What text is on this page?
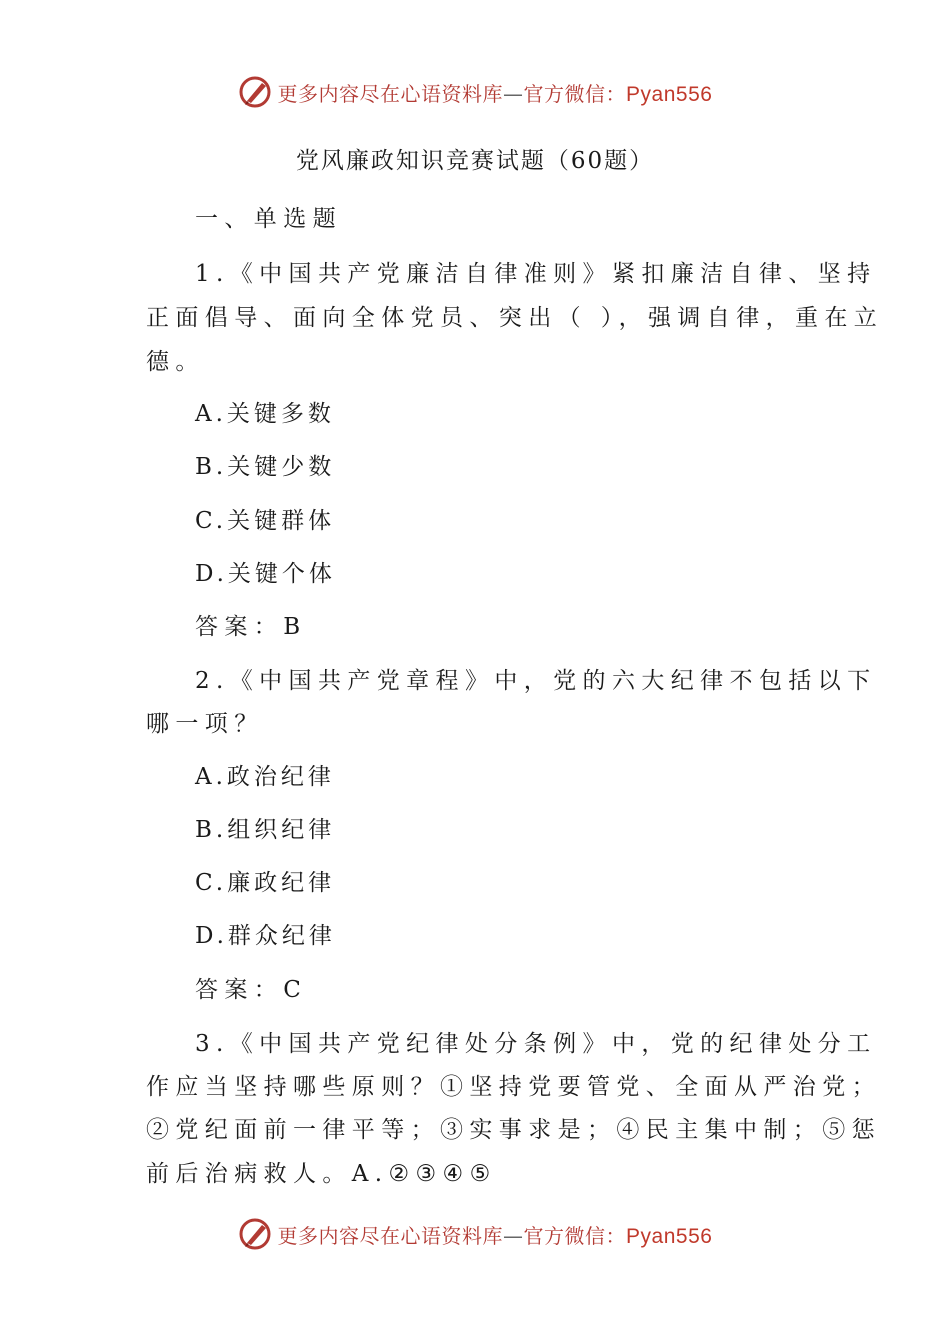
更多内容尽在心语资料库—官方微信：Pyan556
党风廉政知识竞赛试题（60题）
一、单选题
1.《中国共产党廉洁自律准则》紧扣廉洁自律、坚持
正面倡导、面向全体党员、突出（ ），强调自律，重在立
德。
A.关键多数
B.关键少数
C.关键群体
D.关键个体
答案：B
2.《中国共产党章程》中，党的六大纪律不包括以下
哪一项？
A.政治纪律
B.组织纪律
C.廉政纪律
D.群众纪律
答案：C
3.《中国共产党纪律处分条例》中，党的纪律处分工
作应当坚持哪些原则？①坚持党要管党、全面从严治党；
②党纪面前一律平等；③实事求是；④民主集中制；⑤惩
前后治病救人。A.②③④⑤
更多内容尽在心语资料库—官方微信：Pyan556
